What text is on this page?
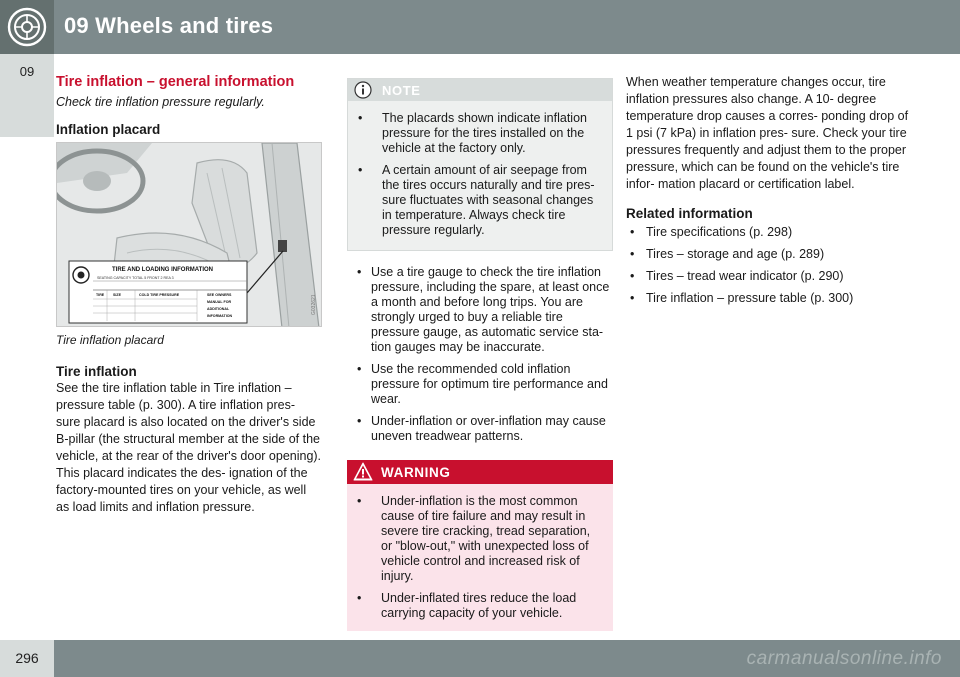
09 Wheels and tires
09
Tire inflation – general information
Check tire inflation pressure regularly.
Inflation placard
TIRE AND LOADING INFORMATION
SEATING CAPACITY TOTAL 5 FRONT 2 REA 3
TIRE SIZE	COLD TIRE PRESSURE	SEE OWNERS
MANUAL FOR
ADDITIONAL
INFORMATION
G032621
Tire inflation placard
Tire inflation

See the tire inflation table in Tire inflation – pressure table (p. 300). A tire inflation pres- sure placard is also located on the driver's side B-pillar (the structural member at the side of the vehicle, at the rear of the driver's door opening). This placard indicates the des- ignation of the factory-mounted tires on your vehicle, as well as load limits and inflation pressure.

NOTE
• The placards shown indicate inflation pressure for the tires installed on the vehicle at the factory only.
• A certain amount of air seepage from the tires occurs naturally and tire pres- sure fluctuates with seasonal changes in temperature. Always check tire pressure regularly.
• Use a tire gauge to check the tire inflation pressure, including the spare, at least once a month and before long trips. You are strongly urged to buy a reliable tire pressure gauge, as automatic service sta- tion gauges may be inaccurate.
• Use the recommended cold inflation pressure for optimum tire performance and wear.
• Under-inflation or over-inflation may cause uneven treadwear patterns.
WARNING
• Under-inflation is the most common cause of tire failure and may result in severe tire cracking, tread separation, or "blow-out," with unexpected loss of vehicle control and increased risk of injury.
• Under-inflated tires reduce the load carrying capacity of your vehicle.

When weather temperature changes occur, tire inflation pressures also change. A 10- degree temperature drop causes a corres- ponding drop of 1 psi (7 kPa) in inflation pres- sure. Check your tire pressures frequently and adjust them to the proper pressure, which can be found on the vehicle's tire infor- mation placard or certification label.

Related information
• Tire specifications (p. 298)
• Tires – storage and age (p. 289)
• Tires – tread wear indicator (p. 290)
• Tire inflation – pressure table (p. 300)
296	carmanualsonline.info
